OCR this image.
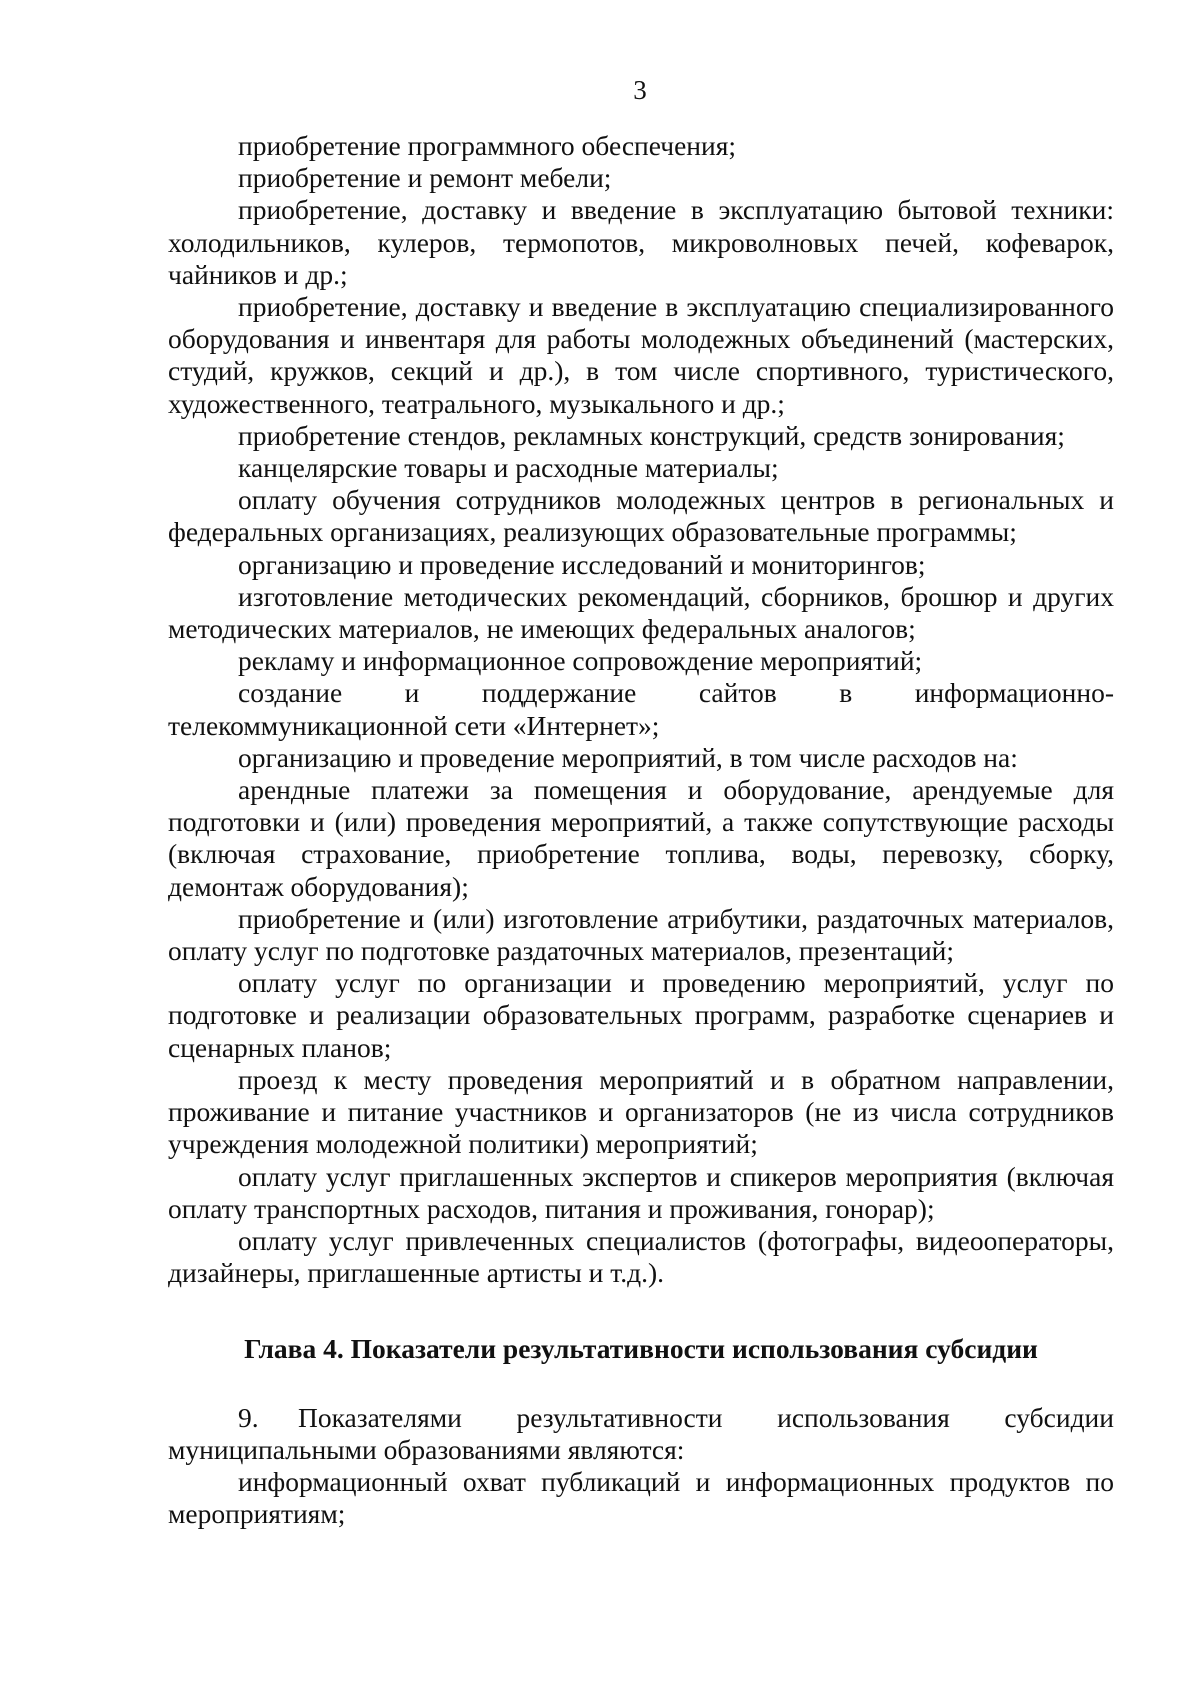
3

приобретение программного обеспечения;

приобретение и ремонт мебели;

приобретение, доставку и введение в эксплуатацию бытовой техники: холодильников, кулеров, термопотов, микроволновых печей, кофеварок, чайников и др.;

приобретение, доставку и введение в эксплуатацию специализированного оборудования и инвентаря для работы молодежных объединений (мастерских, студий, кружков, секций и др.), в том числе спортивного, туристического, художественного, театрального, музыкального и др.;

приобретение стендов, рекламных конструкций, средств зонирования;

канцелярские товары и расходные материалы;

оплату обучения сотрудников молодежных центров в региональных и федеральных организациях, реализующих образовательные программы;

организацию и проведение исследований и мониторингов;

изготовление методических рекомендаций, сборников, брошюр и других методических материалов, не имеющих федеральных аналогов;

рекламу и информационное сопровождение мероприятий;

создание и поддержание сайтов в информационно-телекоммуникационной сети «Интернет»;

организацию и проведение мероприятий, в том числе расходов на:

арендные платежи за помещения и оборудование, арендуемые для подготовки и (или) проведения мероприятий, а также сопутствующие расходы (включая страхование, приобретение топлива, воды, перевозку, сборку, демонтаж оборудования);

приобретение и (или) изготовление атрибутики, раздаточных материалов, оплату услуг по подготовке раздаточных материалов, презентаций;

оплату услуг по организации и проведению мероприятий, услуг по подготовке и реализации образовательных программ, разработке сценариев и сценарных планов;

проезд к месту проведения мероприятий и в обратном направлении, проживание и питание участников и организаторов (не из числа сотрудников учреждения молодежной политики) мероприятий;

оплату услуг приглашенных экспертов и спикеров мероприятия (включая оплату транспортных расходов, питания и проживания, гонорар);

оплату услуг привлеченных специалистов (фотографы, видеооператоры, дизайнеры, приглашенные артисты и т.д.).

Глава 4. Показатели результативности использования субсидии

9. Показателями результативности использования субсидии муниципальными образованиями являются:

информационный охват публикаций и информационных продуктов по мероприятиям;
